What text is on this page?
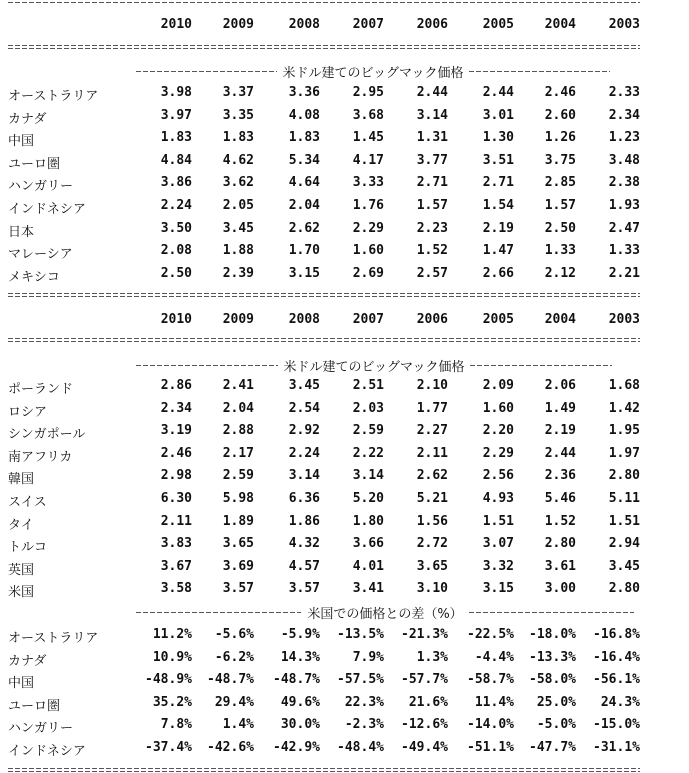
2010	2009	2008	2007	2006	2005	2004	2003
米ドル建てのビッグマック価格
オーストラリア	3.98	3.37	3.36	2.95	2.44	2.44	2.46	2.33
カナダ	3.97	3.35	4.08	3.68	3.14	3.01	2.60	2.34
中国	1.83	1.83	1.83	1.45	1.31	1.30	1.26	1.23
ユーロ圏	4.84	4.62	5.34	4.17	3.77	3.51	3.75	3.48
ハンガリー	3.86	3.62	4.64	3.33	2.71	2.71	2.85	2.38
インドネシア	2.24	2.05	2.04	1.76	1.57	1.54	1.57	1.93
日本	3.50	3.45	2.62	2.29	2.23	2.19	2.50	2.47
マレーシア	2.08	1.88	1.70	1.60	1.52	1.47	1.33	1.33
メキシコ	2.50	2.39	3.15	2.69	2.57	2.66	2.12	2.21
2010	2009	2008	2007	2006	2005	2004	2003
米ドル建てのビッグマック価格
ポーランド	2.86	2.41	3.45	2.51	2.10	2.09	2.06	1.68
ロシア	2.34	2.04	2.54	2.03	1.77	1.60	1.49	1.42
シンガポール	3.19	2.88	2.92	2.59	2.27	2.20	2.19	1.95
南アフリカ	2.46	2.17	2.24	2.22	2.11	2.29	2.44	1.97
韓国	2.98	2.59	3.14	3.14	2.62	2.56	2.36	2.80
スイス	6.30	5.98	6.36	5.20	5.21	4.93	5.46	5.11
タイ	2.11	1.89	1.86	1.80	1.56	1.51	1.52	1.51
トルコ	3.83	3.65	4.32	3.66	2.72	3.07	2.80	2.94
英国	3.67	3.69	4.57	4.01	3.65	3.32	3.61	3.45
米国	3.58	3.57	3.57	3.41	3.10	3.15	3.00	2.80
米国での価格との差（%）
オーストラリア	11.2%	-5.6%	-5.9%	-13.5%	-21.3%	-22.5%	-18.0%	-16.8%
カナダ	10.9%	-6.2%	14.3%	7.9%	1.3%	-4.4%	-13.3%	-16.4%
中国	-48.9%	-48.7%	-48.7%	-57.5%	-57.7%	-58.7%	-58.0%	-56.1%
ユーロ圏	35.2%	29.4%	49.6%	22.3%	21.6%	11.4%	25.0%	24.3%
ハンガリー	7.8%	1.4%	30.0%	-2.3%	-12.6%	-14.0%	-5.0%	-15.0%
インドネシア	-37.4%	-42.6%	-42.9%	-48.4%	-49.4%	-51.1%	-47.7%	-31.1%
